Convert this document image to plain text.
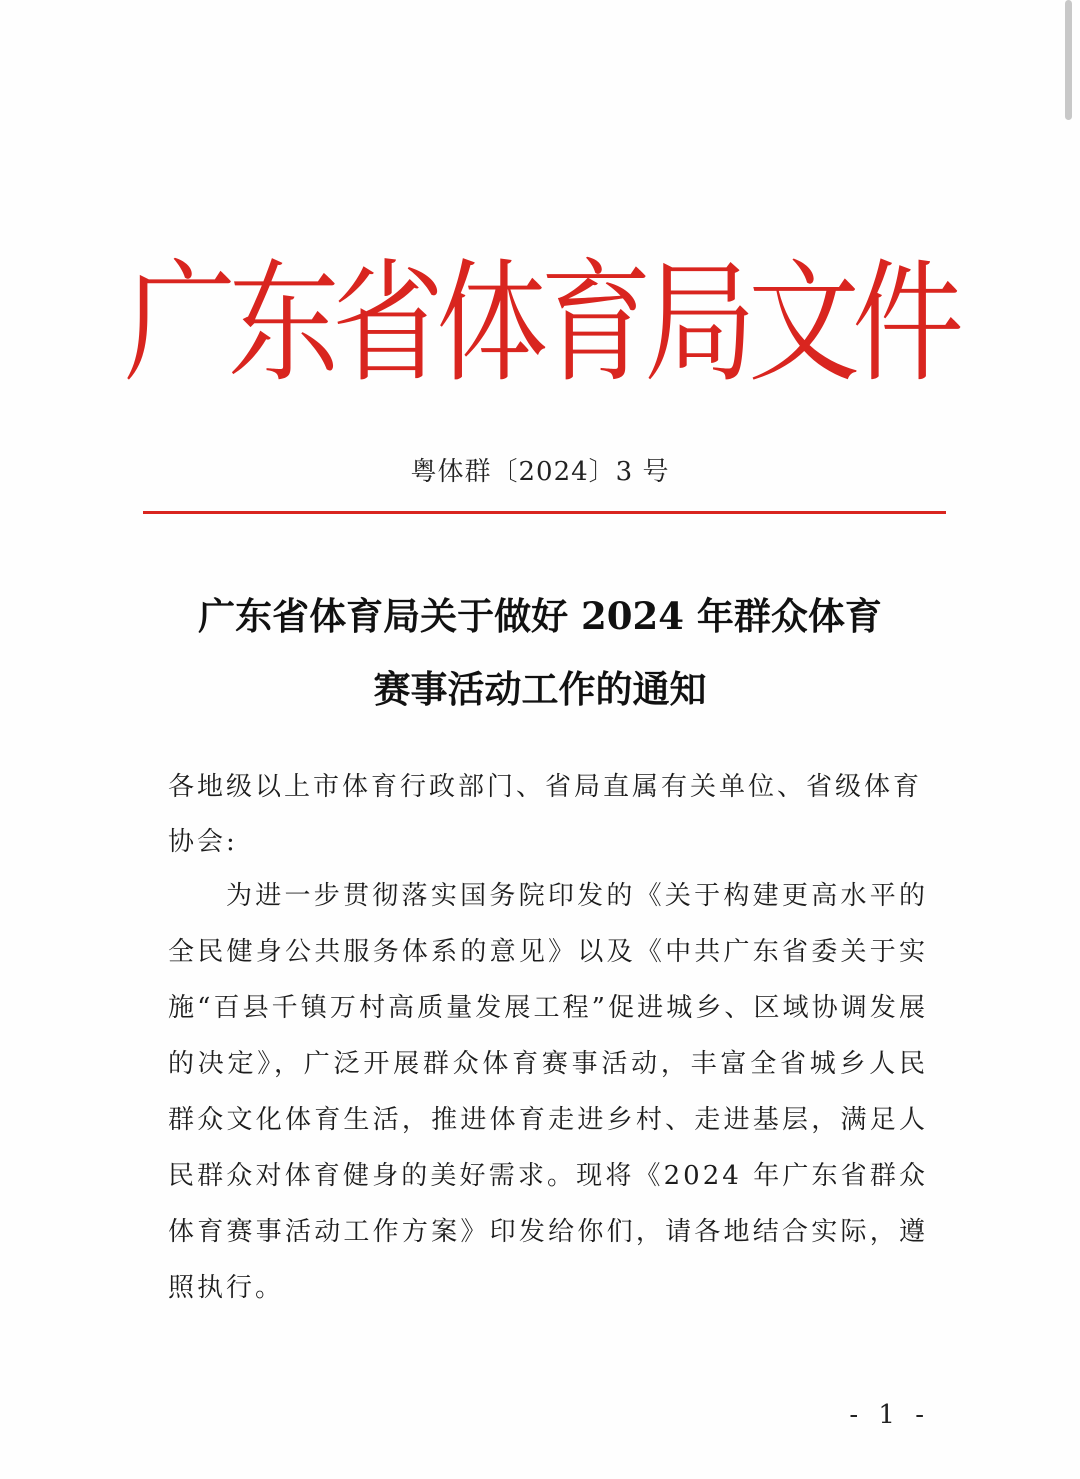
广东省体育局文件
粤体群〔2024〕3 号
广东省体育局关于做好 2024 年群众体育
赛事活动工作的通知
各地级以上市体育行政部门、省局直属有关单位、省级体育协会:
为进一步贯彻落实国务院印发的《关于构建更高水平的全民健身公共服务体系的意见》以及《中共广东省委关于实施“百县千镇万村高质量发展工程”促进城乡、区域协调发展的决定》，广泛开展群众体育赛事活动，丰富全省城乡人民群众文化体育生活，推进体育走进乡村、走进基层，满足人民群众对体育健身的美好需求。现将《2024 年广东省群众体育赛事活动工作方案》印发给你们，请各地结合实际，遵照执行。
- 1 -
